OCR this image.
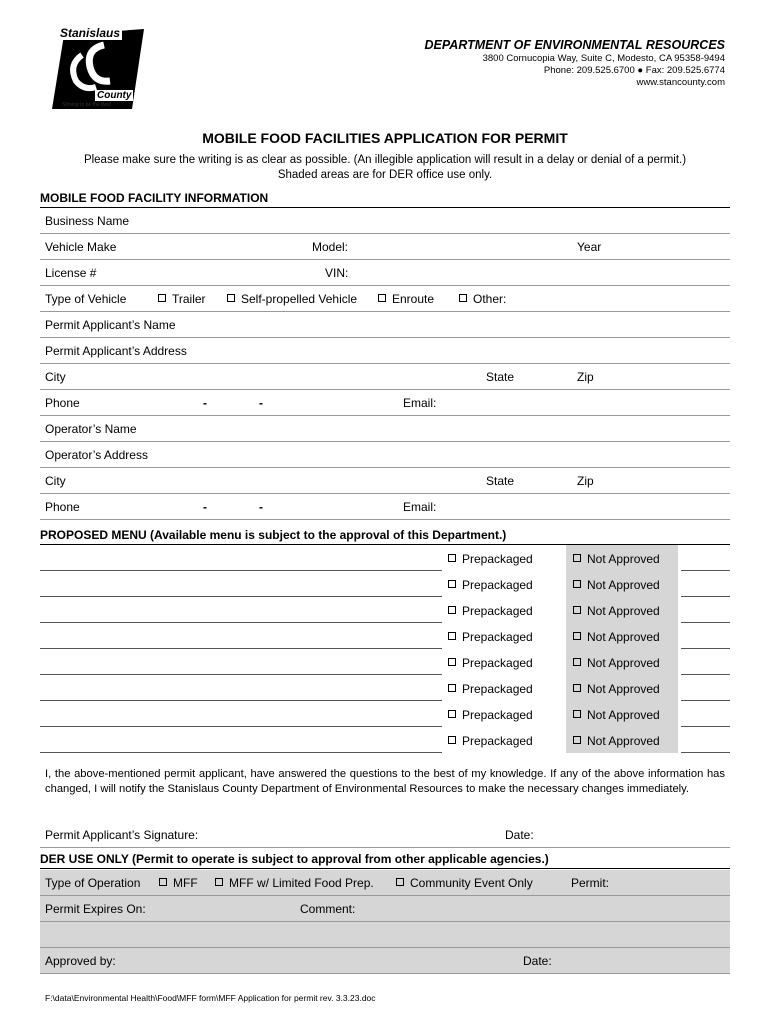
Stanislaus
County
Striving to be the Best
DEPARTMENT OF ENVIRONMENTAL RESOURCES
3800 Cornucopia Way, Suite C, Modesto, CA 95358-9494
Phone: 209.525.6700 ● Fax: 209.525.6774
www.stancounty.com
MOBILE FOOD FACILITIES APPLICATION FOR PERMIT
Please make sure the writing is as clear as possible. (An illegible application will result in a delay or denial of a permit.)
Shaded areas are for DER office use only.
MOBILE FOOD FACILITY INFORMATION
Business Name
Vehicle Make	Model:	Year
License #	VIN:
Type of Vehicle	Trailer	Self-propelled Vehicle	Enroute	Other:
Permit Applicant’s Name
Permit Applicant’s Address
City	State	Zip
Phone	-	-	Email:
Operator’s Name
Operator’s Address
City	State	Zip
Phone	-	-	Email:
PROPOSED MENU (Available menu is subject to the approval of this Department.)
Prepackaged	Not Approved
Prepackaged	Not Approved
Prepackaged	Not Approved
Prepackaged	Not Approved
Prepackaged	Not Approved
Prepackaged	Not Approved
Prepackaged	Not Approved
Prepackaged	Not Approved
I, the above-mentioned permit applicant, have answered the questions to the best of my knowledge. If any of the above information has changed, I will notify the Stanislaus County Department of Environmental Resources to make the necessary changes immediately.
Permit Applicant’s Signature:	Date:
DER USE ONLY (Permit to operate is subject to approval from other applicable agencies.)
Type of Operation	MFF	MFF w/ Limited Food Prep.	Community Event Only	Permit:
Permit Expires On:	Comment:
Approved by:	Date:
F:\data\Environmental Health\Food\MFF form\MFF Application for permit rev. 3.3.23.doc
